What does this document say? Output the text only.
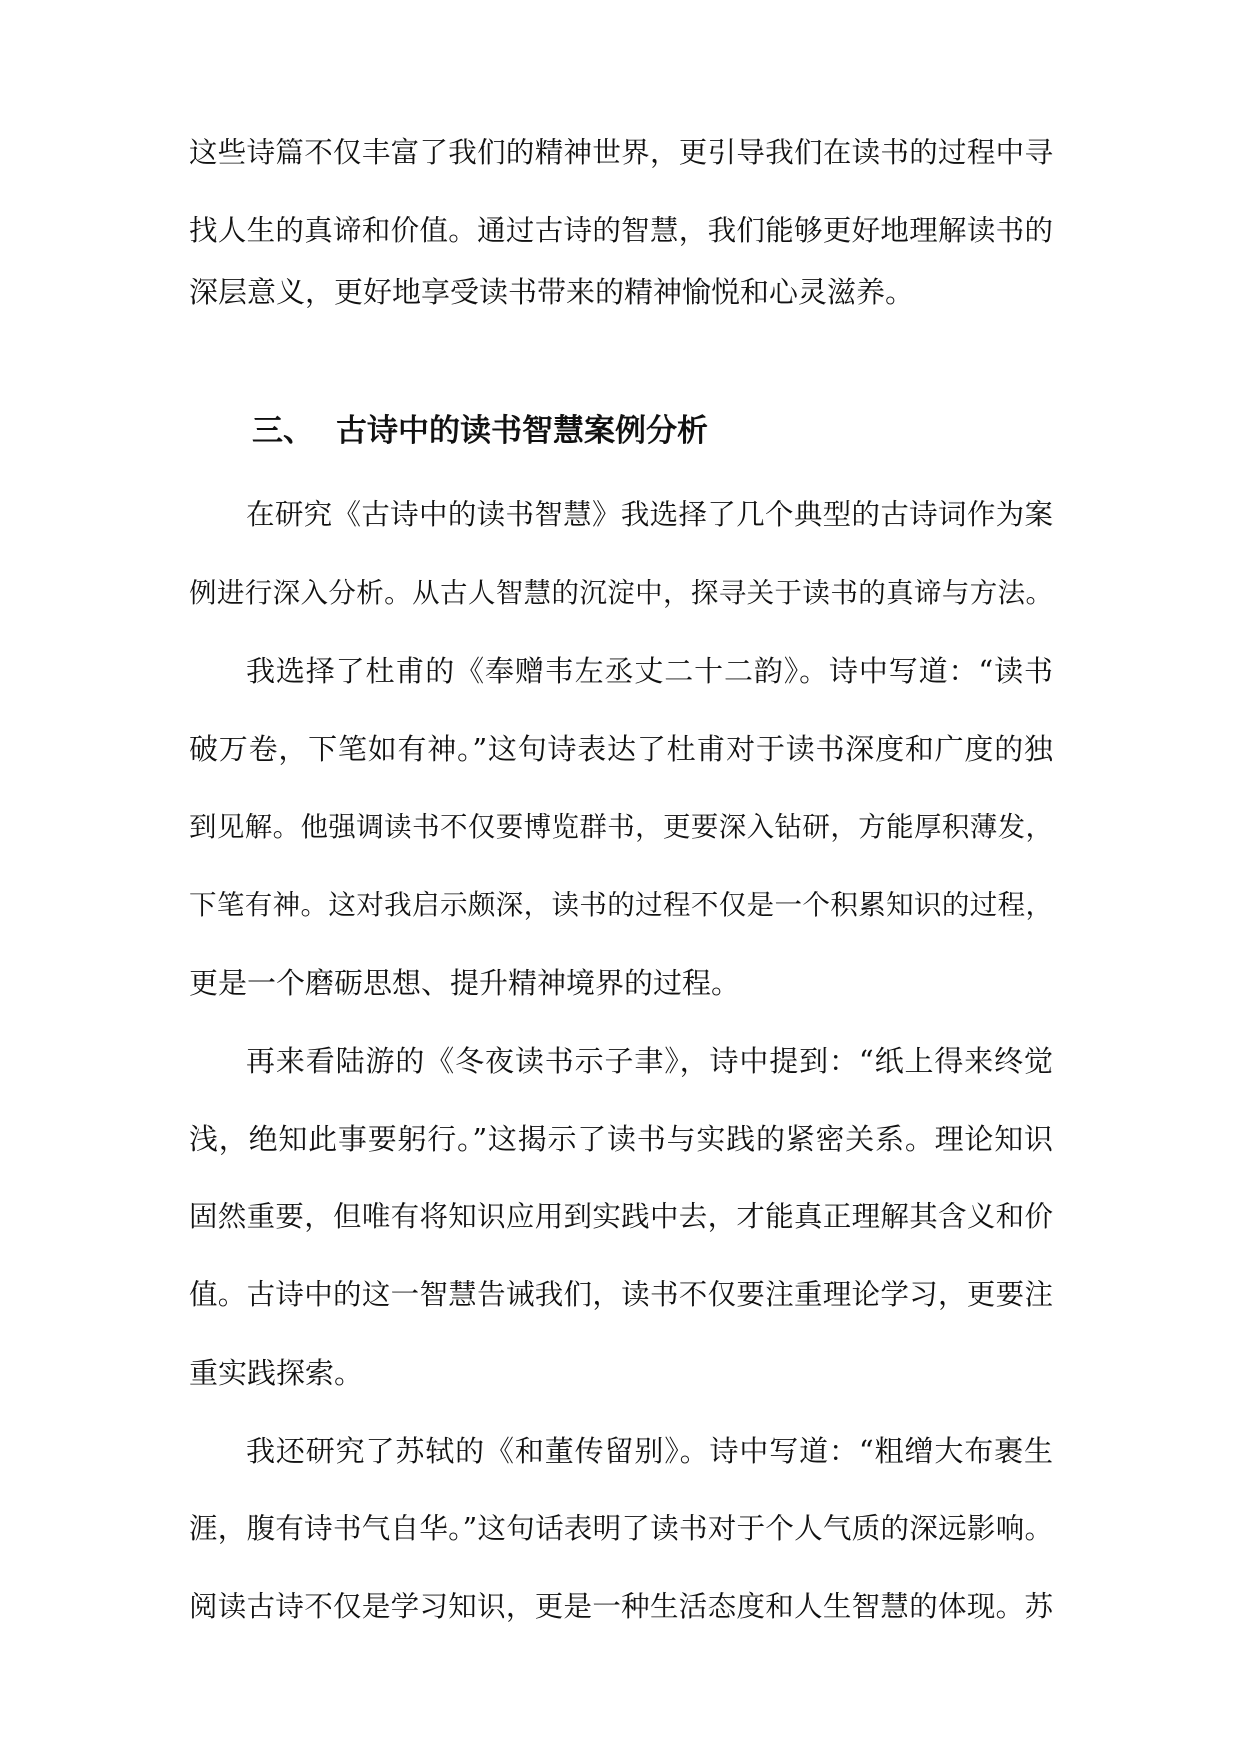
这些诗篇不仅丰富了我们的精神世界，更引导我们在读书的过程中寻
找人生的真谛和价值。通过古诗的智慧，我们能够更好地理解读书的
深层意义，更好地享受读书带来的精神愉悦和心灵滋养。
三、 古诗中的读书智慧案例分析
在研究《古诗中的读书智慧》我选择了几个典型的古诗词作为案
例进行深入分析。从古人智慧的沉淀中，探寻关于读书的真谛与方法。
我选择了杜甫的《奉赠韦左丞丈二十二韵》。诗中写道：“读书
破万卷，下笔如有神。”这句诗表达了杜甫对于读书深度和广度的独
到见解。他强调读书不仅要博览群书，更要深入钻研，方能厚积薄发，
下笔有神。这对我启示颇深，读书的过程不仅是一个积累知识的过程，
更是一个磨砺思想、提升精神境界的过程。
再来看陆游的《冬夜读书示子聿》，诗中提到：“纸上得来终觉
浅，绝知此事要躬行。”这揭示了读书与实践的紧密关系。理论知识
固然重要，但唯有将知识应用到实践中去，才能真正理解其含义和价
值。古诗中的这一智慧告诫我们，读书不仅要注重理论学习，更要注
重实践探索。
我还研究了苏轼的《和董传留别》。诗中写道：“粗缯大布裹生
涯，腹有诗书气自华。”这句话表明了读书对于个人气质的深远影响。
阅读古诗不仅是学习知识，更是一种生活态度和人生智慧的体现。苏
